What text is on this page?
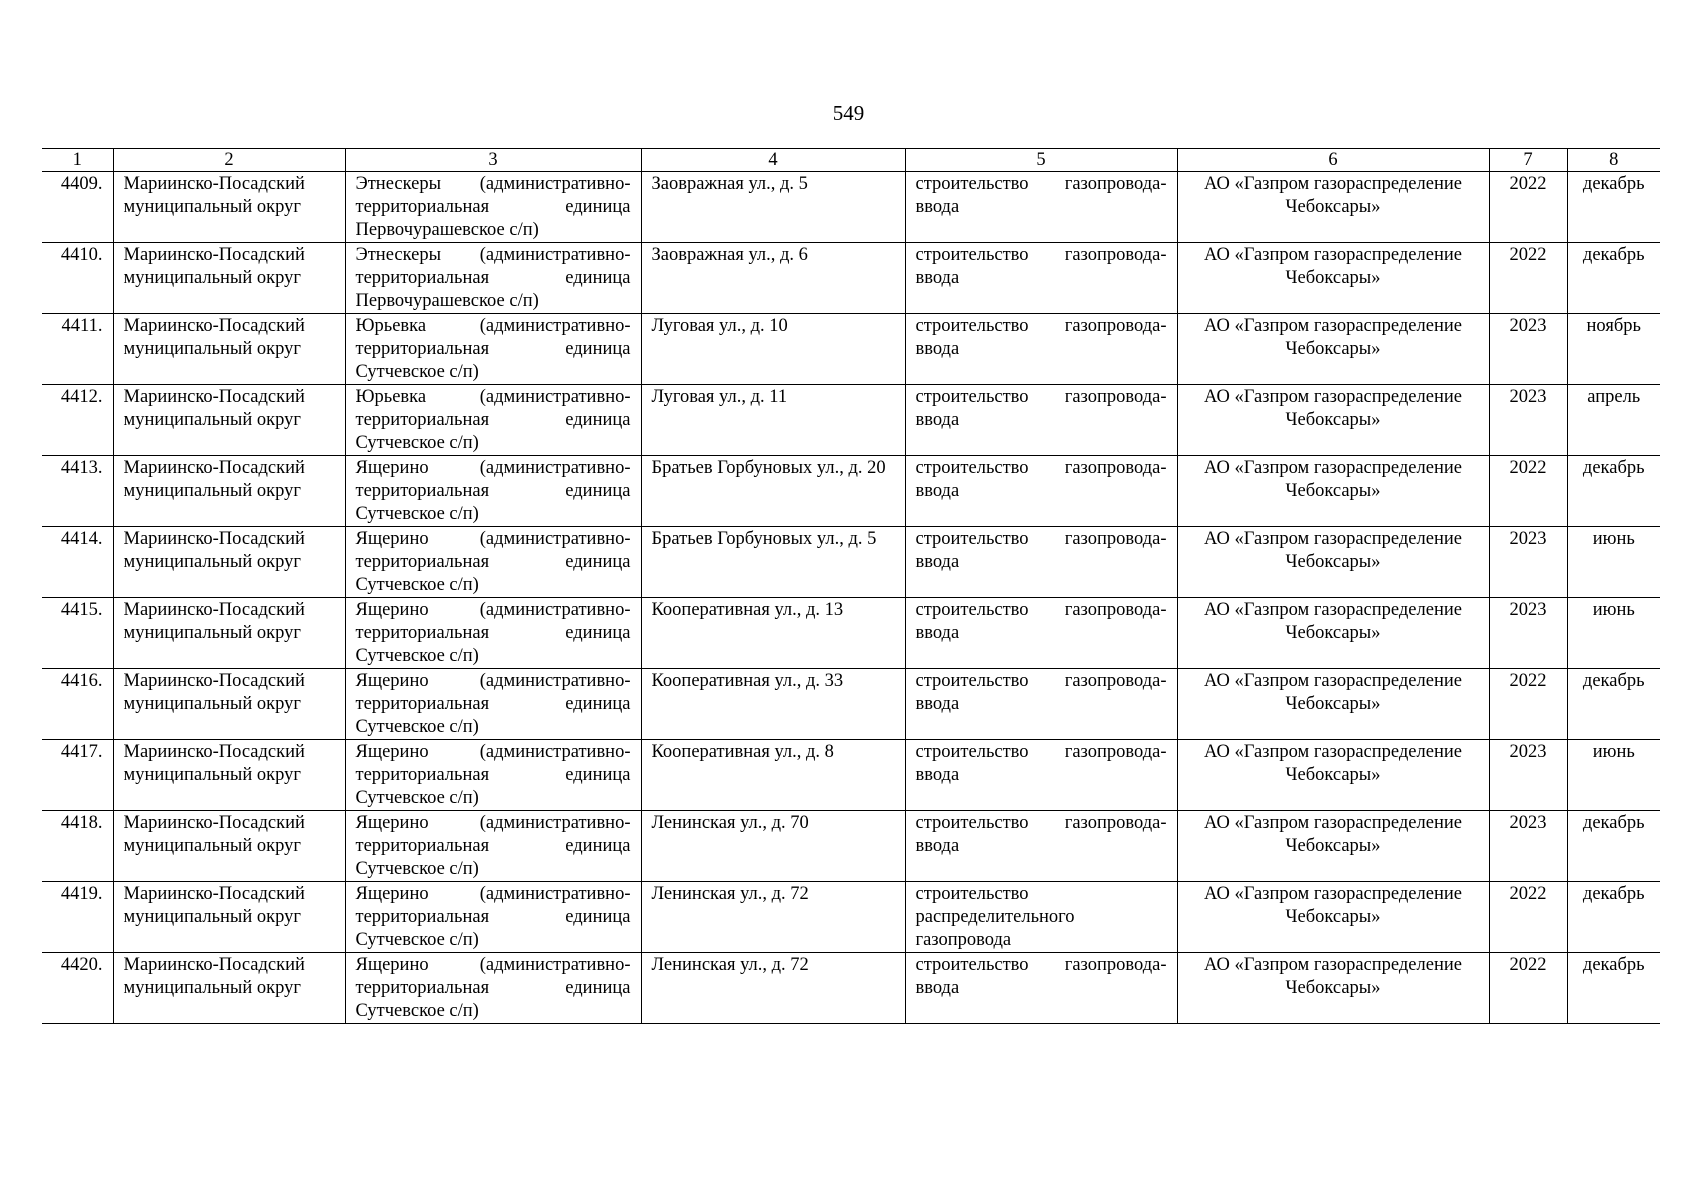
549
1	2	3	4	5	6	7	8
4409.	Мариинско-Посадский муниципальный округ	Этнескеры (административно-территориальная единица Первочурашевское с/п)	Заовражная ул., д. 5	строительство газопровода-ввода	АО «Газпром газораспределение Чебоксары»	2022	декабрь
4410.	Мариинско-Посадский муниципальный округ	Этнескеры (административно-территориальная единица Первочурашевское с/п)	Заовражная ул., д. 6	строительство газопровода-ввода	АО «Газпром газораспределение Чебоксары»	2022	декабрь
4411.	Мариинско-Посадский муниципальный округ	Юрьевка (административно-территориальная единица Сутчевское с/п)	Луговая ул., д. 10	строительство газопровода-ввода	АО «Газпром газораспределение Чебоксары»	2023	ноябрь
4412.	Мариинско-Посадский муниципальный округ	Юрьевка (административно-территориальная единица Сутчевское с/п)	Луговая ул., д. 11	строительство газопровода-ввода	АО «Газпром газораспределение Чебоксары»	2023	апрель
4413.	Мариинско-Посадский муниципальный округ	Ящерино (административно-территориальная единица Сутчевское с/п)	Братьев Горбуновых ул., д. 20	строительство газопровода-ввода	АО «Газпром газораспределение Чебоксары»	2022	декабрь
4414.	Мариинско-Посадский муниципальный округ	Ящерино (административно-территориальная единица Сутчевское с/п)	Братьев Горбуновых ул., д. 5	строительство газопровода-ввода	АО «Газпром газораспределение Чебоксары»	2023	июнь
4415.	Мариинско-Посадский муниципальный округ	Ящерино (административно-территориальная единица Сутчевское с/п)	Кооперативная ул., д. 13	строительство газопровода-ввода	АО «Газпром газораспределение Чебоксары»	2023	июнь
4416.	Мариинско-Посадский муниципальный округ	Ящерино (административно-территориальная единица Сутчевское с/п)	Кооперативная ул., д. 33	строительство газопровода-ввода	АО «Газпром газораспределение Чебоксары»	2022	декабрь
4417.	Мариинско-Посадский муниципальный округ	Ящерино (административно-территориальная единица Сутчевское с/п)	Кооперативная ул., д. 8	строительство газопровода-ввода	АО «Газпром газораспределение Чебоксары»	2023	июнь
4418.	Мариинско-Посадский муниципальный округ	Ящерино (административно-территориальная единица Сутчевское с/п)	Ленинская ул., д. 70	строительство газопровода-ввода	АО «Газпром газораспределение Чебоксары»	2023	декабрь
4419.	Мариинско-Посадский муниципальный округ	Ящерино (административно-территориальная единица Сутчевское с/п)	Ленинская ул., д. 72	строительство распределительного газопровода	АО «Газпром газораспределение Чебоксары»	2022	декабрь
4420.	Мариинско-Посадский муниципальный округ	Ящерино (административно-территориальная единица Сутчевское с/п)	Ленинская ул., д. 72	строительство газопровода-ввода	АО «Газпром газораспределение Чебоксары»	2022	декабрь
